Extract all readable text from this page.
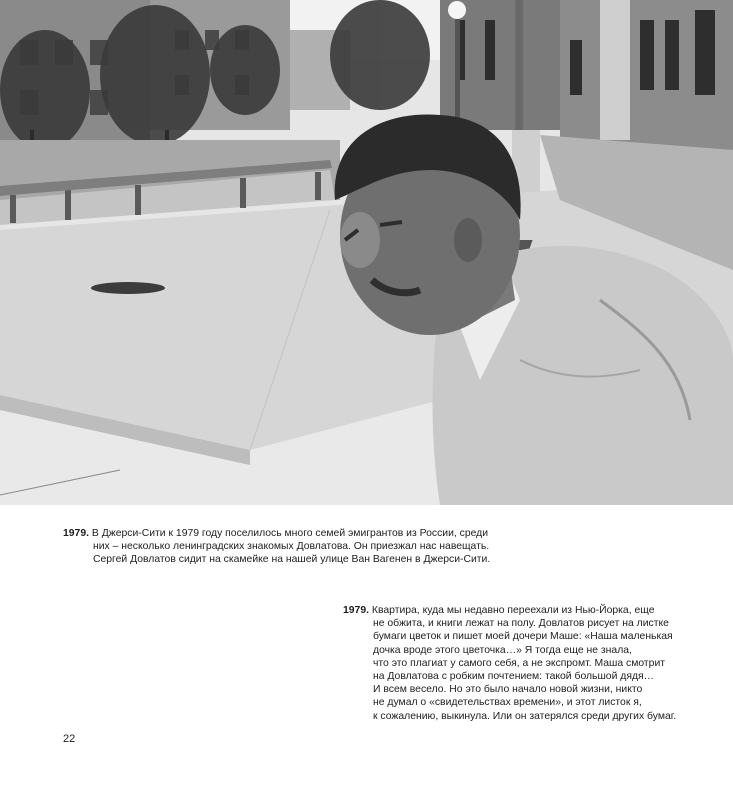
1979. В Джерси-Сити к 1979 году поселилось много семей эмигрантов из России, среди
них – несколько ленинградских знакомых Довлатова. Он приезжал нас навещать.
Сергей Довлатов сидит на скамейке на нашей улице Ван Вагенен в Джерси-Сити.
1979. Квартира, куда мы недавно переехали из Нью-Йорка, еще
не обжита, и книги лежат на полу. Довлатов рисует на листке
бумаги цветок и пишет моей дочери Маше: «Наша маленькая
дочка вроде этого цветочка…» Я тогда еще не знала,
что это плагиат у самого себя, а не экспромт. Маша смотрит
на Довлатова с робким почтением: такой большой дядя…
И всем весело. Но это было начало новой жизни, никто
не думал о «свидетельствах времени», и этот листок я,
к сожалению, выкинула. Или он затерялся среди других бумаг.
22
